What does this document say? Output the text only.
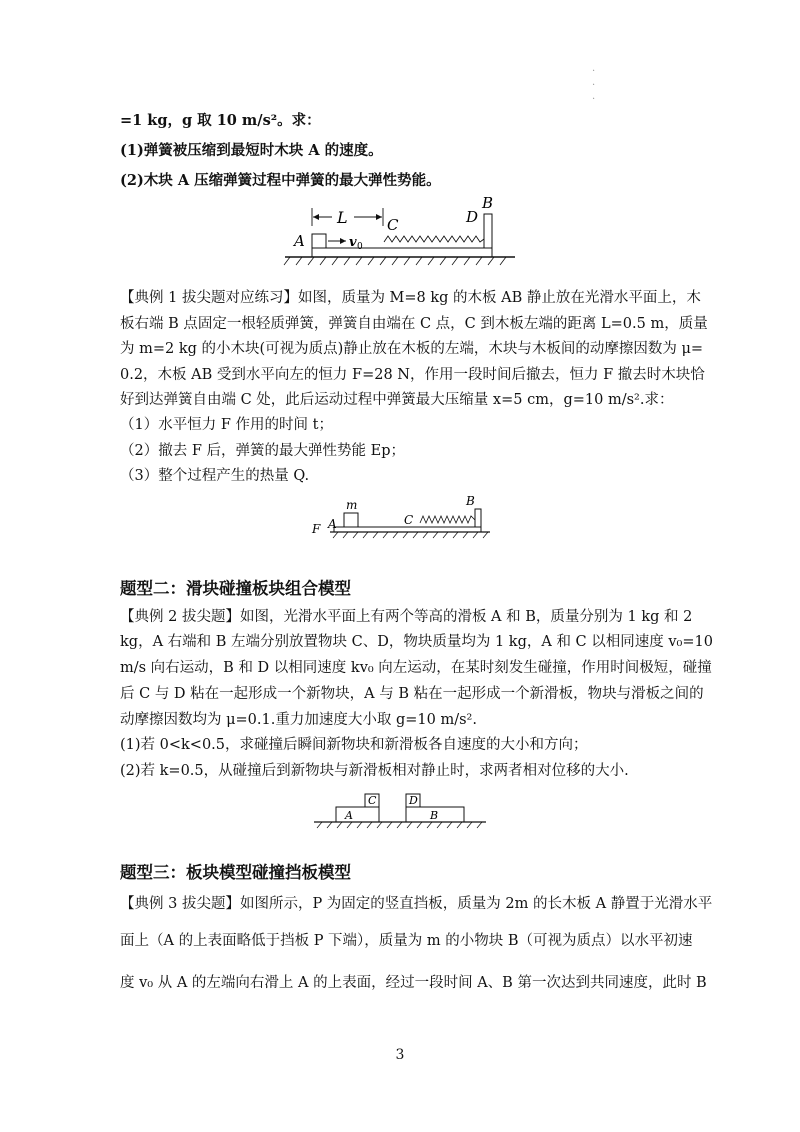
.
.
.
=1 kg，g 取 10 m/s²。求：
(1)弹簧被压缩到最短时木块 A 的速度。
(2)木块 A 压缩弹簧过程中弹簧的最大弹性势能。
A
L	C	D
B
v 0
【典例 1 拔尖题对应练习】如图，质量为 M=8 kg 的木板 AB 静止放在光滑水平面上，木
板右端 B 点固定一根轻质弹簧，弹簧自由端在 C 点，C 到木板左端的距离 L=0.5 m，质量
为 m=2 kg 的小木块(可视为质点)静止放在木板的左端，木块与木板间的动摩擦因数为 μ=
0.2，木板 AB 受到水平向左的恒力 F=28 N，作用一段时间后撤去，恒力 F 撤去时木块恰
好到达弹簧自由端 C 处，此后运动过程中弹簧最大压缩量 x=5 cm，g=10 m/s².求：
（1）水平恒力 F 作用的时间 t；
（2）撤去 F 后，弹簧的最大弹性势能 Ep；
（3）整个过程产生的热量 Q.
m	B
C
F A
题型二：滑块碰撞板块组合模型
【典例 2 拔尖题】如图，光滑水平面上有两个等高的滑板 A 和 B，质量分别为 1 kg 和 2
kg，A 右端和 B 左端分别放置物块 C、D，物块质量均为 1 kg，A 和 C 以相同速度 v₀=10
m/s 向右运动，B 和 D 以相同速度 kv₀ 向左运动，在某时刻发生碰撞，作用时间极短，碰撞
后 C 与 D 粘在一起形成一个新物块，A 与 B 粘在一起形成一个新滑板，物块与滑板之间的
动摩擦因数均为 μ=0.1.重力加速度大小取 g=10 m/s².
(1)若 0<k<0.5，求碰撞后瞬间新物块和新滑板各自速度的大小和方向；
(2)若 k=0.5，从碰撞后到新物块与新滑板相对静止时，求两者相对位移的大小.
A	B
C	D
题型三：板块模型碰撞挡板模型
【典例 3 拔尖题】如图所示，P 为固定的竖直挡板，质量为 2m 的长木板 A 静置于光滑水平
面上（A 的上表面略低于挡板 P 下端），质量为 m 的小物块 B（可视为质点）以水平初速
度 v₀ 从 A 的左端向右滑上 A 的上表面，经过一段时间 A、B 第一次达到共同速度，此时 B
3
